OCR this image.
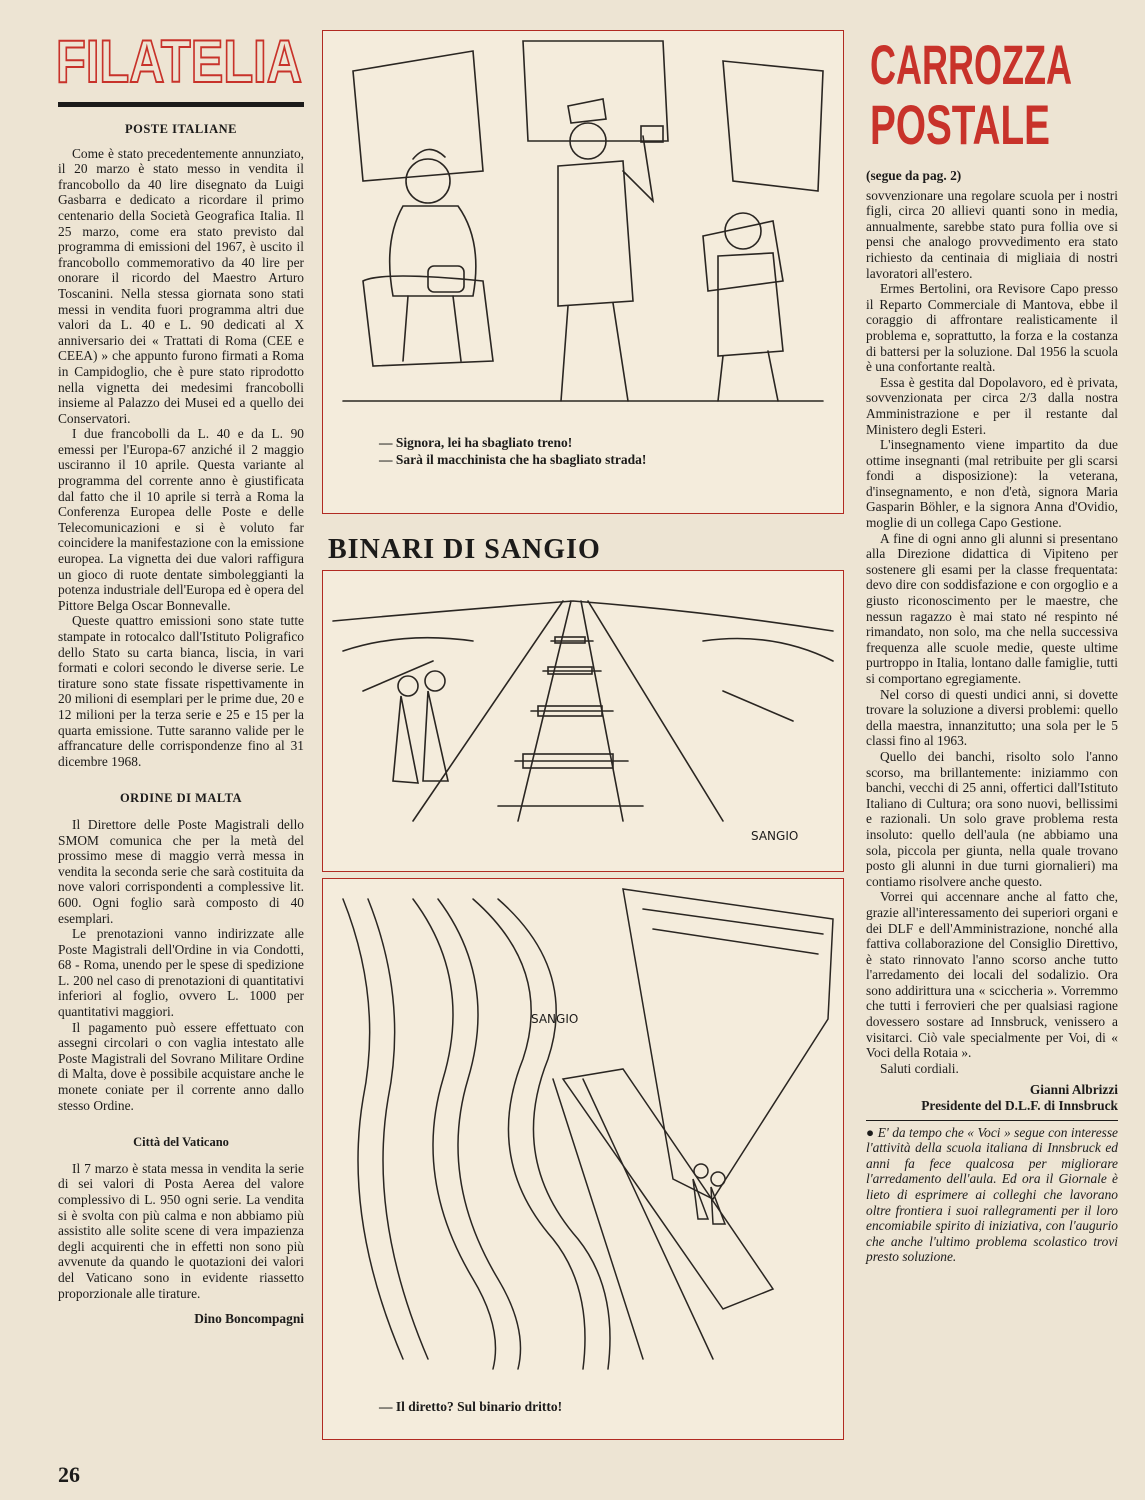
FILATELIA
POSTE ITALIANE

Come è stato precedentemente annunziato, il 20 marzo è stato messo in vendita il francobollo da 40 lire disegnato da Luigi Gasbarra e dedicato a ricordare il primo centenario della Società Geografica Italia. Il 25 marzo, come era stato previsto dal programma di emissioni del 1967, è uscito il francobollo commemorativo da 40 lire per onorare il ricordo del Maestro Arturo Toscanini. Nella stessa giornata sono stati messi in vendita fuori programma altri due valori da L. 40 e L. 90 dedicati al X anniversario dei « Trattati di Roma (CEE e CEEA) » che appunto furono firmati a Roma in Campidoglio, che è pure stato riprodotto nella vignetta dei medesimi francobolli insieme al Palazzo dei Musei ed a quello dei Conservatori.

I due francobolli da L. 40 e da L. 90 emessi per l'Europa-67 anziché il 2 maggio usciranno il 10 aprile. Questa variante al programma del corrente anno è giustificata dal fatto che il 10 aprile si terrà a Roma la Conferenza Europea delle Poste e delle Telecomunicazioni e si è voluto far coincidere la manifestazione con la emissione europea. La vignetta dei due valori raffigura un gioco di ruote dentate simboleggianti la potenza industriale dell'Europa ed è opera del Pittore Belga Oscar Bonnevalle.

Queste quattro emissioni sono state tutte stampate in rotocalco dall'Istituto Poligrafico dello Stato su carta bianca, liscia, in vari formati e colori secondo le diverse serie. Le tirature sono state fissate rispettivamente in 20 milioni di esemplari per le prime due, 20 e 12 milioni per la terza serie e 25 e 15 per la quarta emissione. Tutte saranno valide per le affrancature delle corrispondenze fino al 31 dicembre 1968.

ORDINE DI MALTA

Il Direttore delle Poste Magistrali dello SMOM comunica che per la metà del prossimo mese di maggio verrà messa in vendita la seconda serie che sarà costituita da nove valori corrispondenti a complessive lit. 600. Ogni foglio sarà composto di 40 esemplari.

Le prenotazioni vanno indirizzate alle Poste Magistrali dell'Ordine in via Condotti, 68 - Roma, unendo per le spese di spedizione L. 200 nel caso di prenotazioni di quantitativi inferiori al foglio, ovvero L. 1000 per quantitativi maggiori.

Il pagamento può essere effettuato con assegni circolari o con vaglia intestato alle Poste Magistrali del Sovrano Militare Ordine di Malta, dove è possibile acquistare anche le monete coniate per il corrente anno dallo stesso Ordine.

Città del Vaticano

Il 7 marzo è stata messa in vendita la serie di sei valori di Posta Aerea del valore complessivo di L. 950 ogni serie. La vendita si è svolta con più calma e non abbiamo più assistito alle solite scene di vera impazienza degli acquirenti che in effetti non sono più avvenute da quando le quotazioni dei valori del Vaticano sono in evidente riassetto proporzionale alle tirature.

Dino Boncompagni

26

— Signora, lei ha sbagliato treno!

— Sarà il macchinista che ha sbagliato strada!

BINARI DI SANGIO
SANGIO

SANGIO

— Il diretto? Sul binario dritto!

CARROZZA
POSTALE

(segue da pag. 2)

sovvenzionare una regolare scuola per i nostri figli, circa 20 allievi quanti sono in media, annualmente, sarebbe stato pura follia ove si pensi che analogo provvedimento era stato richiesto da centinaia di migliaia di nostri lavoratori all'estero.

Ermes Bertolini, ora Revisore Capo presso il Reparto Commerciale di Mantova, ebbe il coraggio di affrontare realisticamente il problema e, soprattutto, la forza e la costanza di battersi per la soluzione. Dal 1956 la scuola è una confortante realtà.

Essa è gestita dal Dopolavoro, ed è privata, sovvenzionata per circa 2/3 dalla nostra Amministrazione e per il restante dal Ministero degli Esteri.

L'insegnamento viene impartito da due ottime insegnanti (mal retribuite per gli scarsi fondi a disposizione): la veterana, d'insegnamento, e non d'età, signora Maria Gasparin Böhler, e la signora Anna d'Ovidio, moglie di un collega Capo Gestione.

A fine di ogni anno gli alunni si presentano alla Direzione didattica di Vipiteno per sostenere gli esami per la classe frequentata: devo dire con soddisfazione e con orgoglio e a giusto riconoscimento per le maestre, che nessun ragazzo è mai stato né respinto né rimandato, non solo, ma che nella successiva frequenza alle scuole medie, queste ultime purtroppo in Italia, lontano dalle famiglie, tutti si comportano egregiamente.

Nel corso di questi undici anni, si dovette trovare la soluzione a diversi problemi: quello della maestra, innanzitutto; una sola per le 5 classi fino al 1963.

Quello dei banchi, risolto solo l'anno scorso, ma brillantemente: iniziammo con banchi, vecchi di 25 anni, offertici dall'Istituto Italiano di Cultura; ora sono nuovi, bellissimi e razionali. Un solo grave problema resta insoluto: quello dell'aula (ne abbiamo una sola, piccola per giunta, nella quale trovano posto gli alunni in due turni giornalieri) ma contiamo risolvere anche questo.

Vorrei qui accennare anche al fatto che, grazie all'interessamento dei superiori organi e dei DLF e dell'Amministrazione, nonché alla fattiva collaborazione del Consiglio Direttivo, è stato rinnovato l'anno scorso anche tutto l'arredamento dei locali del sodalizio. Ora sono addirittura una « sciccheria ». Vorremmo che tutti i ferrovieri che per qualsiasi ragione dovessero sostare ad Innsbruck, venissero a visitarci. Ciò vale specialmente per Voi, di « Voci della Rotaia ».

Saluti cordiali.

Gianni Albrizzi

Presidente del D.L.F. di Innsbruck

● E' da tempo che « Voci » segue con interesse l'attività della scuola italiana di Innsbruck ed anni fa fece qualcosa per migliorare l'arredamento dell'aula. Ed ora il Giornale è lieto di esprimere ai colleghi che lavorano oltre frontiera i suoi rallegramenti per il loro encomiabile spirito di iniziativa, con l'augurio che anche l'ultimo problema scolastico trovi presto soluzione.
